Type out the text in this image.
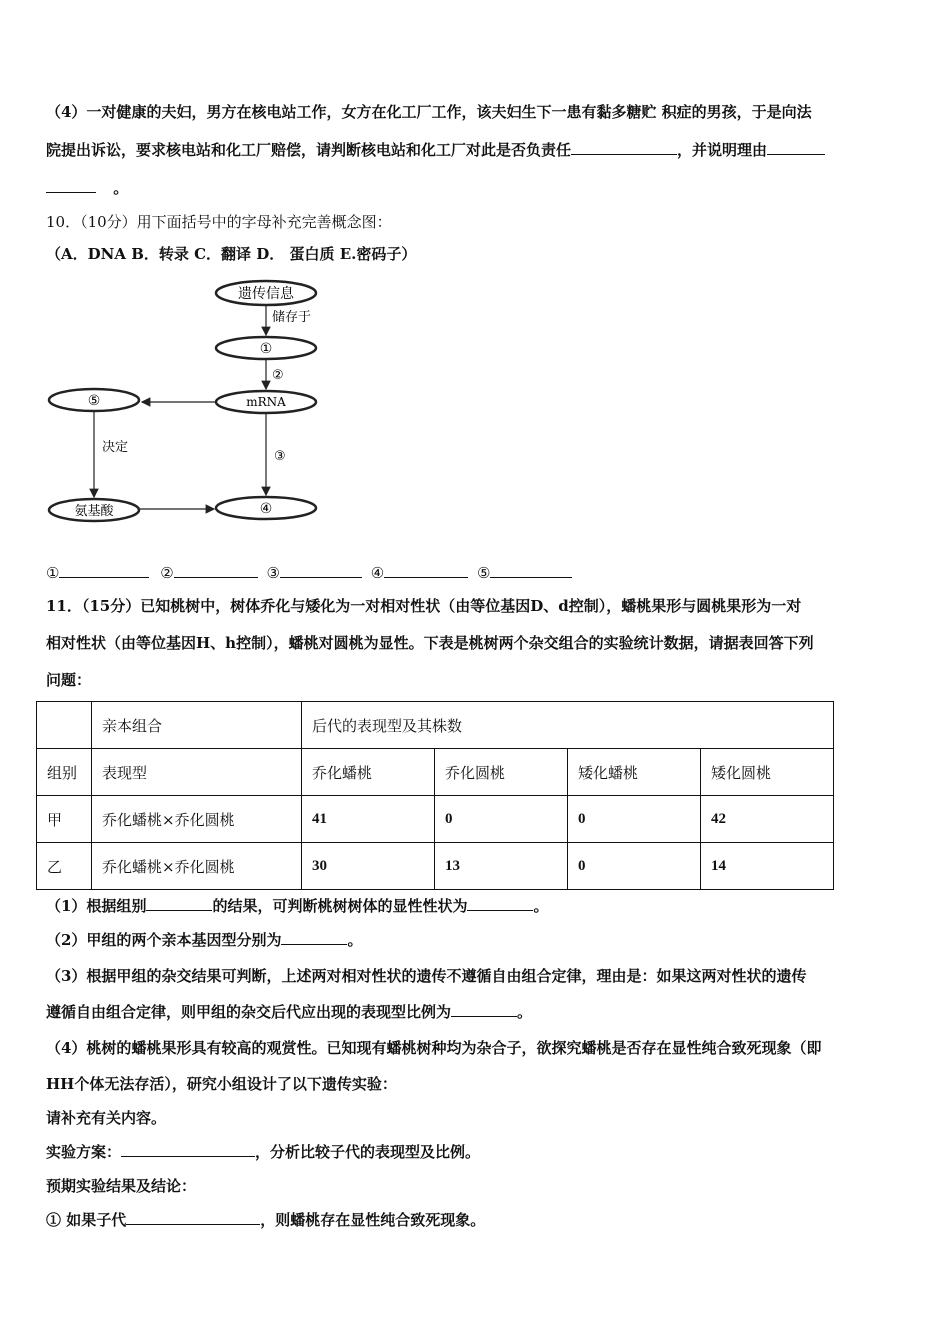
（4）一对健康的夫妇，男方在核电站工作，女方在化工厂工作，该夫妇生下一患有黏多糖贮 积症的男孩，于是向法
院提出诉讼，要求核电站和化工厂赔偿，请判断核电站和化工厂对此是否负责任	，并说明理由
。
10．（10分）用下面括号中的字母补充完善概念图：
（A．DNA B．转录 C．翻译 D． 蛋白质 E.密码子）
遗传信息
①
mRNA
⑤
氨基酸	④
储存于
②
决定
③
①	②	③	④	⑤
11．（15分）已知桃树中，树体乔化与矮化为一对相对性状（由等位基因D、d控制），蟠桃果形与圆桃果形为一对
相对性状（由等位基因H、h控制），蟠桃对圆桃为显性。下表是桃树两个杂交组合的实验统计数据，请据表回答下列
问题：
	亲本组合	后代的表现型及其株数			
组别	表现型	乔化蟠桃	乔化圆桃	矮化蟠桃	矮化圆桃
甲	乔化蟠桃×乔化圆桃	41	0	0	42
乙	乔化蟠桃×乔化圆桃	30	13	0	14
（1）根据组别	的结果，可判断桃树树体的显性性状为	。
（2）甲组的两个亲本基因型分别为	。
（3）根据甲组的杂交结果可判断，上述两对相对性状的遗传不遵循自由组合定律，理由是：如果这两对性状的遗传
遵循自由组合定律，则甲组的杂交后代应出现的表现型比例为	。
（4）桃树的蟠桃果形具有较高的观赏性。已知现有蟠桃树种均为杂合子，欲探究蟠桃是否存在显性纯合致死现象（即
HH个体无法存活），研究小组设计了以下遗传实验：
请补充有关内容。
实验方案：	，分析比较子代的表现型及比例。
预期实验结果及结论：
① 如果子代	，则蟠桃存在显性纯合致死现象。
